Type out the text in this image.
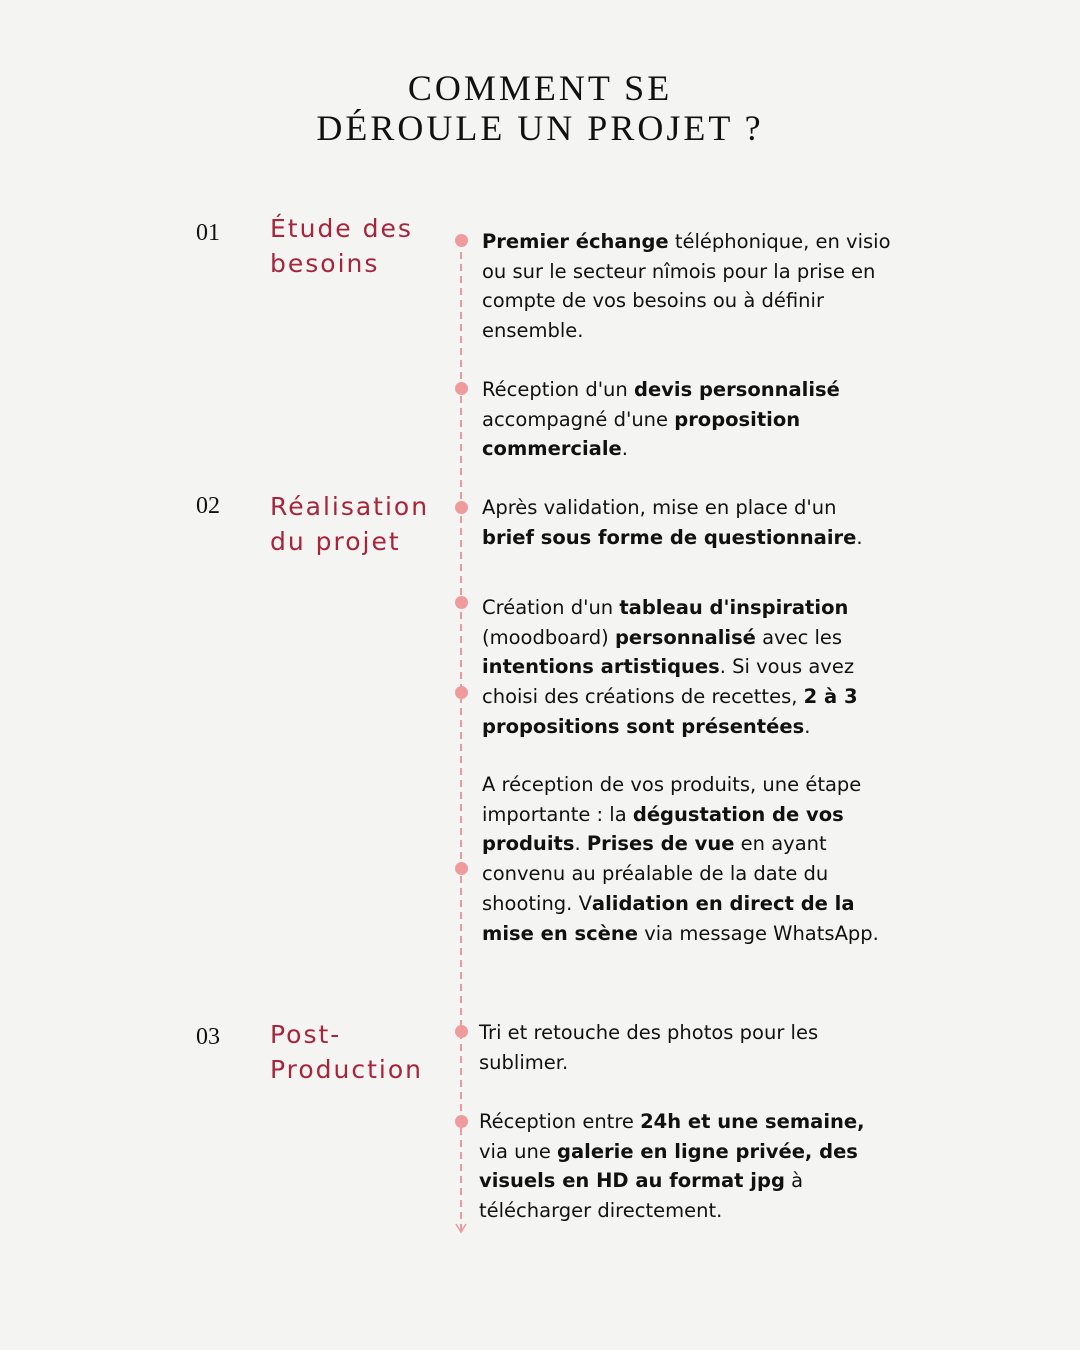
COMMENT SE
DÉROULE UN PROJET ?
01 Étude des
besoins
02 Réalisation
du projet
03 Post-
Production
Premier échange téléphonique, en visio ou sur le secteur nîmois pour la prise en compte de vos besoins ou à définir ensemble.
Réception d'un devis personnalisé accompagné d'une proposition commerciale.
Après validation, mise en place d'un brief sous forme de questionnaire.
Création d'un tableau d'inspiration (moodboard) personnalisé avec les intentions artistiques. Si vous avez choisi des créations de recettes, 2 à 3 propositions sont présentées.
A réception de vos produits, une étape importante : la dégustation de vos produits. Prises de vue en ayant convenu au préalable de la date du shooting. Validation en direct de la mise en scène via message WhatsApp.
Tri et retouche des photos pour les sublimer.
Réception entre 24h et une semaine, via une galerie en ligne privée, des visuels en HD au format jpg à télécharger directement.
